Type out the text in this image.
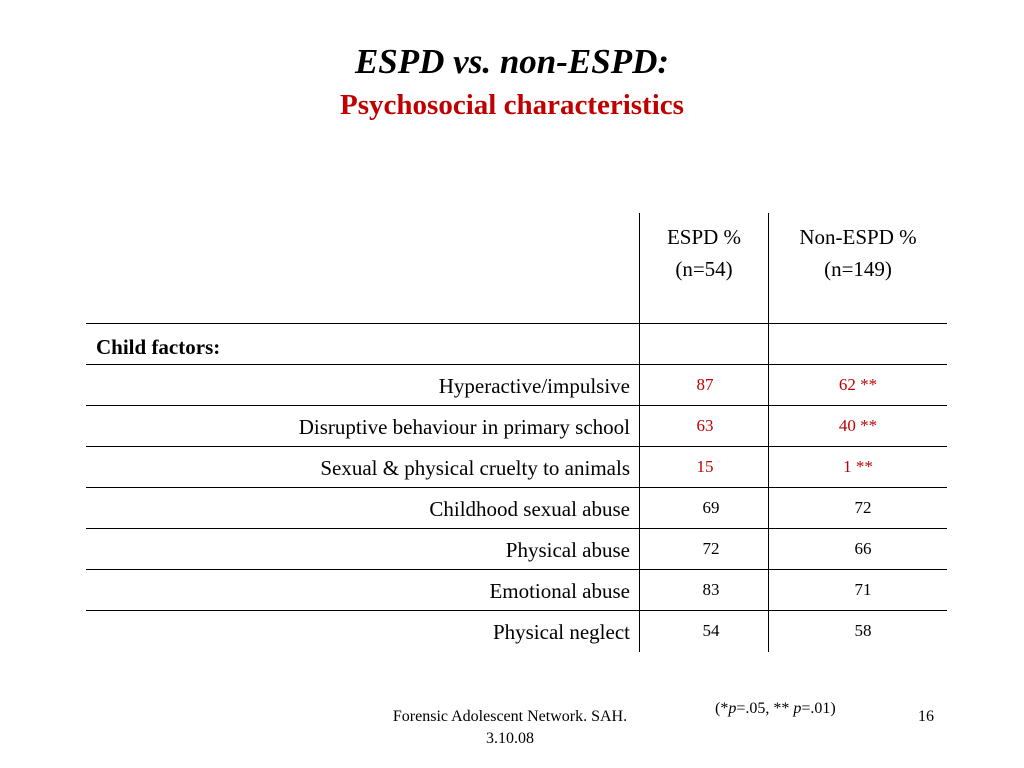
ESPD vs. non-ESPD:
Psychosocial characteristics
ESPD %
(n=54)
Non-ESPD %
(n=149)
Child factors:
Hyperactive/impulsive	87	62 **
Disruptive behaviour in primary school	63	40 **
Sexual & physical cruelty to animals	15	1 **
Childhood sexual abuse	69	72
Physical abuse	72	66
Emotional abuse	83	71
Physical neglect	54	58
(*p=.05, ** p=.01)
Forensic Adolescent Network. SAH.
3.10.08
16
